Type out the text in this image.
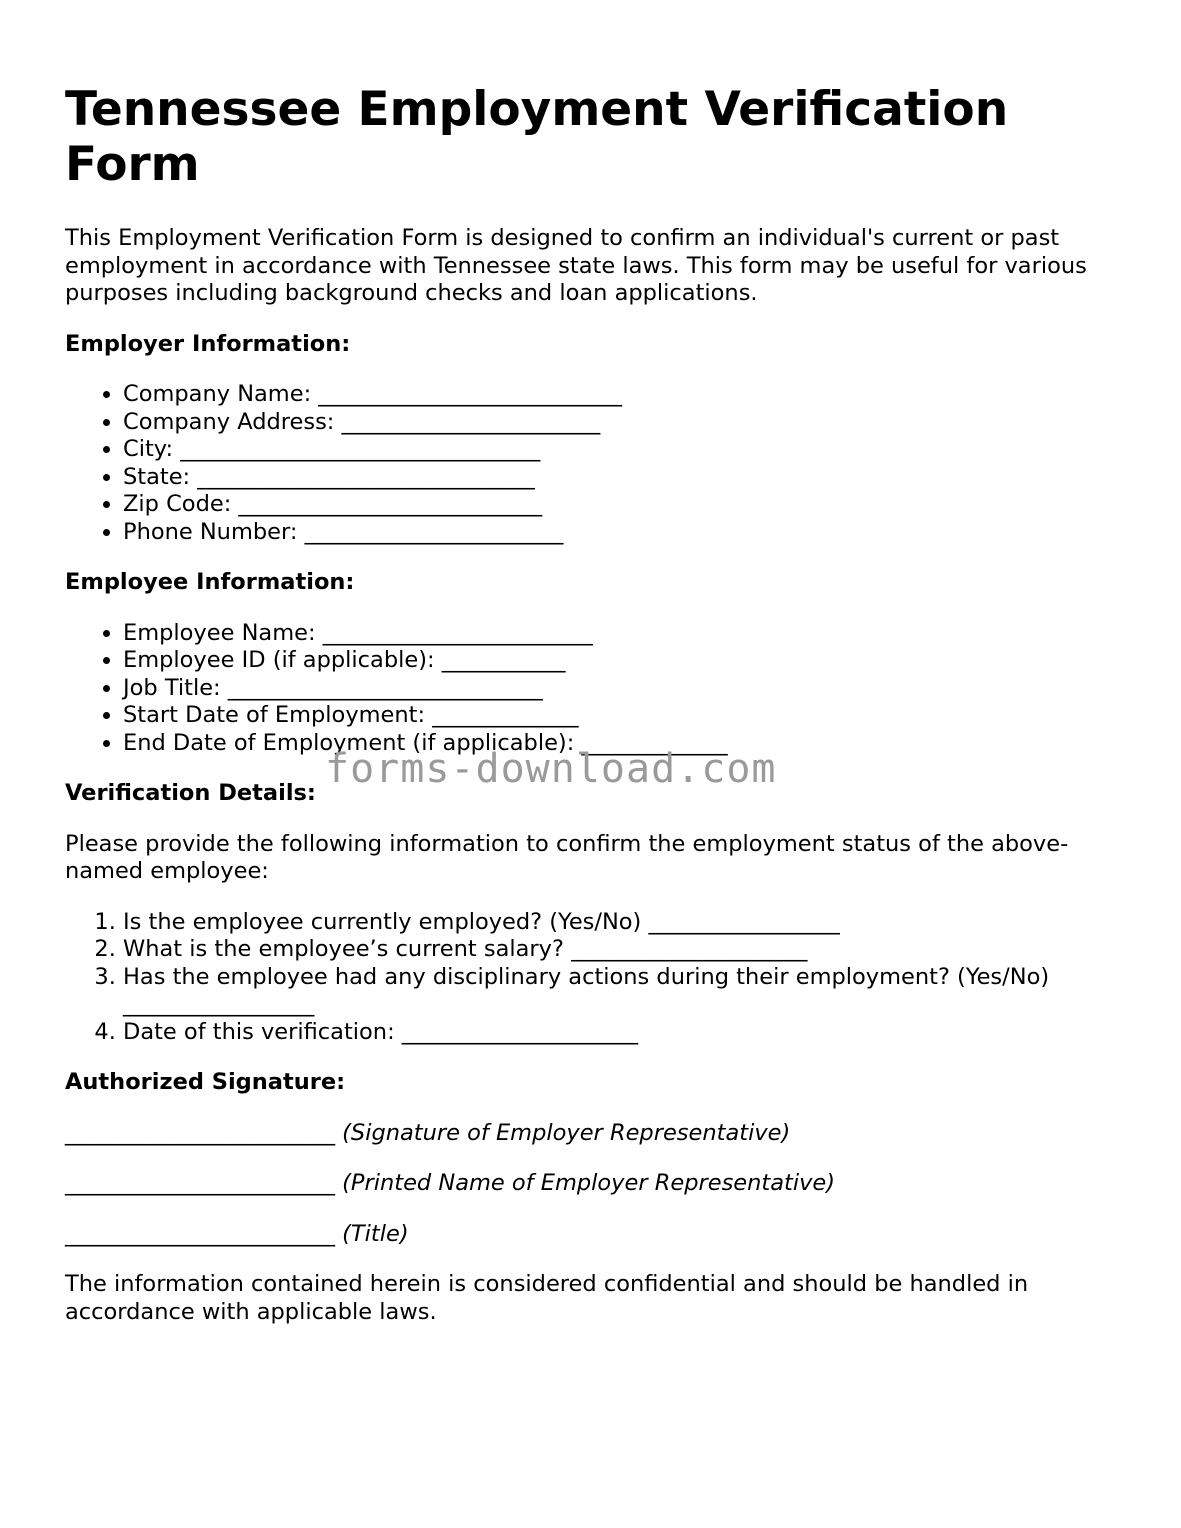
Tennessee Employment Verification Form

This Employment Verification Form is designed to confirm an individual's current or past employment in accordance with Tennessee state laws. This form may be useful for various purposes including background checks and loan applications.

Employer Information:
• Company Name: ___________________________
• Company Address: _______________________
• City: ________________________________
• State: ______________________________
• Zip Code: ___________________________
• Phone Number: _______________________
Employee Information:
• Employee Name: ________________________
• Employee ID (if applicable): ___________
• Job Title: ____________________________
• Start Date of Employment: _____________
• End Date of Employment (if applicable): _____________
Verification Details:

Please provide the following information to confirm the employment status of the above-named employee:

1. Is the employee currently employed? (Yes/No) _________________
2. What is the employee’s current salary? _____________________
3. Has the employee had any disciplinary actions during their employment? (Yes/No) _________________
4. Date of this verification: _____________________
Authorized Signature:
________________________ (Signature of Employer Representative)
________________________ (Printed Name of Employer Representative)
________________________ (Title)

The information contained herein is considered confidential and should be handled in accordance with applicable laws.

forms-download.com
